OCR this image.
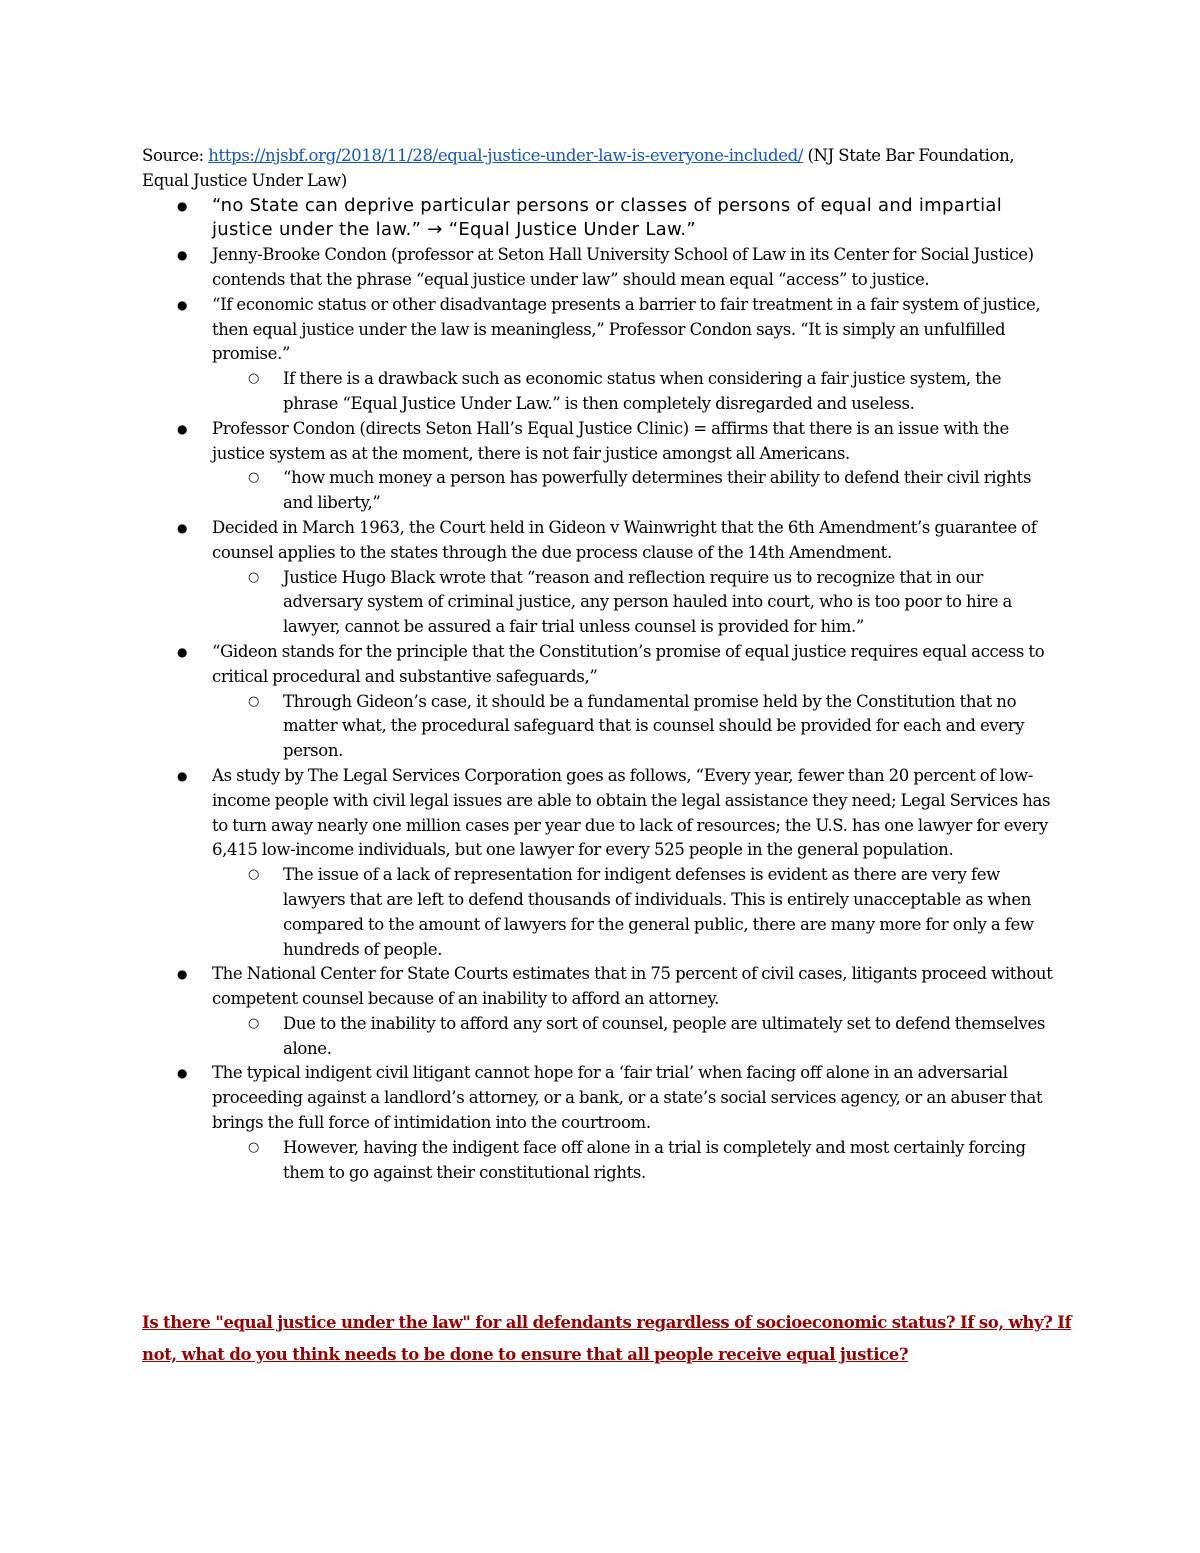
Source: https://njsbf.org/2018/11/28/equal-justice-under-law-is-everyone-included/ (NJ State Bar Foundation, Equal Justice Under Law)
● “no State can deprive particular persons or classes of persons of equal and impartial justice under the law.” → “Equal Justice Under Law.”
● Jenny-Brooke Condon (professor at Seton Hall University School of Law in its Center for Social Justice) contends that the phrase “equal justice under law” should mean equal “access” to justice.
● “If economic status or other disadvantage presents a barrier to fair treatment in a fair system of justice, then equal justice under the law is meaningless,” Professor Condon says. “It is simply an unfulfilled promise.”
○ If there is a drawback such as economic status when considering a fair justice system, the phrase “Equal Justice Under Law.” is then completely disregarded and useless.
● Professor Condon (directs Seton Hall’s Equal Justice Clinic) = affirms that there is an issue with the justice system as at the moment, there is not fair justice amongst all Americans.
○ “how much money a person has powerfully determines their ability to defend their civil rights and liberty,”
● Decided in March 1963, the Court held in Gideon v Wainwright that the 6th Amendment’s guarantee of counsel applies to the states through the due process clause of the 14th Amendment.
○ Justice Hugo Black wrote that “reason and reflection require us to recognize that in our adversary system of criminal justice, any person hauled into court, who is too poor to hire a lawyer, cannot be assured a fair trial unless counsel is provided for him.”
● “Gideon stands for the principle that the Constitution’s promise of equal justice requires equal access to critical procedural and substantive safeguards,”
○ Through Gideon’s case, it should be a fundamental promise held by the Constitution that no matter what, the procedural safeguard that is counsel should be provided for each and every person.
● As study by The Legal Services Corporation goes as follows, “Every year, fewer than 20 percent of low-income people with civil legal issues are able to obtain the legal assistance they need; Legal Services has to turn away nearly one million cases per year due to lack of resources; the U.S. has one lawyer for every 6,415 low-income individuals, but one lawyer for every 525 people in the general population.
○ The issue of a lack of representation for indigent defenses is evident as there are very few lawyers that are left to defend thousands of individuals. This is entirely unacceptable as when compared to the amount of lawyers for the general public, there are many more for only a few hundreds of people.
● The National Center for State Courts estimates that in 75 percent of civil cases, litigants proceed without competent counsel because of an inability to afford an attorney.
○ Due to the inability to afford any sort of counsel, people are ultimately set to defend themselves alone.
● The typical indigent civil litigant cannot hope for a ‘fair trial’ when facing off alone in an adversarial proceeding against a landlord’s attorney, or a bank, or a state’s social services agency, or an abuser that brings the full force of intimidation into the courtroom.
○ However, having the indigent face off alone in a trial is completely and most certainly forcing them to go against their constitutional rights.
Is there "equal justice under the law" for all defendants regardless of socioeconomic status? If so, why? If not, what do you think needs to be done to ensure that all people receive equal justice?
